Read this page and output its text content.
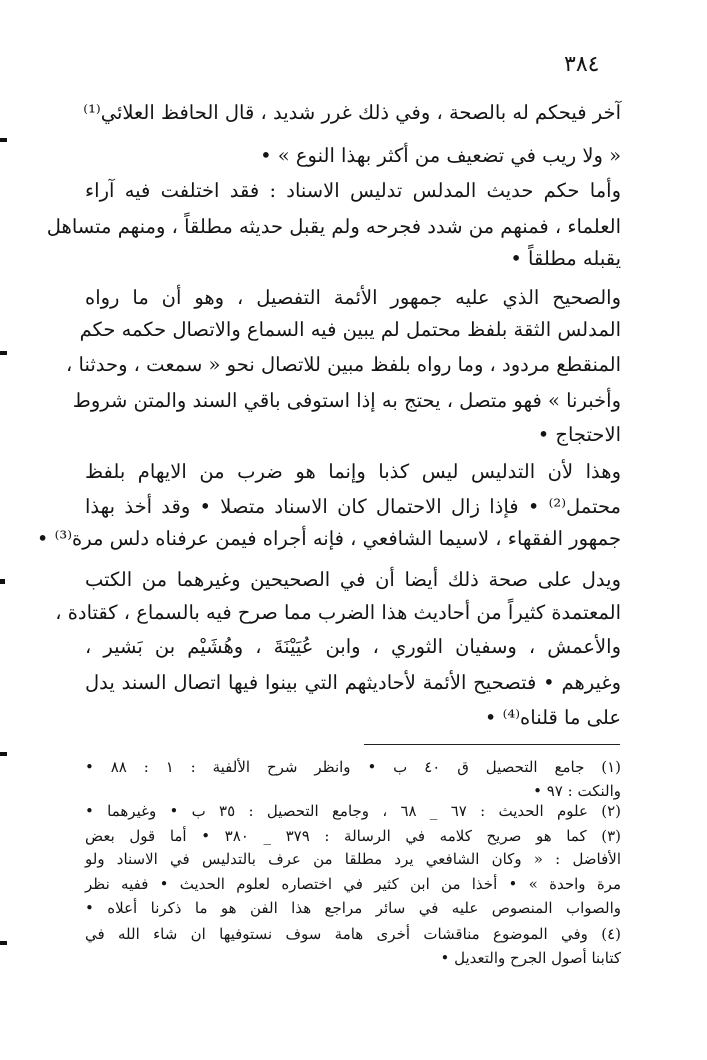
٣٨٤
آخر فيحكم له بالصحة ، وفي ذلك غرر شديد ، قال الحافظ العلائي⁽¹⁾
« ولا ريب في تضعيف من أكثر بهذا النوع » •
وأما حكم حديث المدلس تدليس الاسناد : فقد اختلفت فيه آراء
العلماء ، فمنهم من شدد فجرحه ولم يقبل حديثه مطلقاً ، ومنهم متساهل
يقبله مطلقاً •
والصحيح الذي عليه جمهور الأئمة التفصيل ، وهو أن ما رواه
المدلس الثقة بلفظ محتمل لم يبين فيه السماع والاتصال حكمه حكم
المنقطع مردود ، وما رواه بلفظ مبين للاتصال نحو « سمعت ، وحدثنا ،
وأخبرنا » فهو متصل ، يحتج به إذا استوفى باقي السند والمتن شروط
الاحتجاج •
وهذا لأن التدليس ليس كذبا وإنما هو ضرب من الايهام بلفظ
محتمل⁽²⁾ • فإذا زال الاحتمال كان الاسناد متصلا • وقد أخذ بهذا
جمهور الفقهاء ، لاسيما الشافعي ، فإنه أجراه فيمن عرفناه دلس مرة⁽³⁾ •
ويدل على صحة ذلك أيضا أن في الصحيحين وغيرهما من الكتب
المعتمدة كثيراً من أحاديث هذا الضرب مما صرح فيه بالسماع ، كقتادة ،
والأعمش ، وسفيان الثوري ، وابن عُيَيْنَةَ ، وهُشَيْم بن بَشير ،
وغيرهم • فتصحيح الأئمة لأحاديثهم التي بينوا فيها اتصال السند يدل
على ما قلناه⁽⁴⁾ •
(١) جامع التحصيل ق ٤٠ ب • وانظر شرح الألفية : ١ : ٨٨ •
والنكت : ٩٧ •
(٢) علوم الحديث : ٦٧ _ ٦٨ ، وجامع التحصيل : ٣٥ ب • وغيرهما •
(٣) كما هو صريح كلامه في الرسالة : ٣٧٩ _ ٣٨٠ • أما قول بعض
الأفاضل : « وكان الشافعي يرد مطلقا من عرف بالتدليس في الاسناد ولو
مرة واحدة » • أخذا من ابن كثير في اختصاره لعلوم الحديث • ففيه نظر
والصواب المنصوص عليه في سائر مراجع هذا الفن هو ما ذكرنا أعلاه •
(٤) وفي الموضوع مناقشات أخرى هامة سوف نستوفيها ان شاء الله في
كتابنا أصول الجرح والتعديل •
